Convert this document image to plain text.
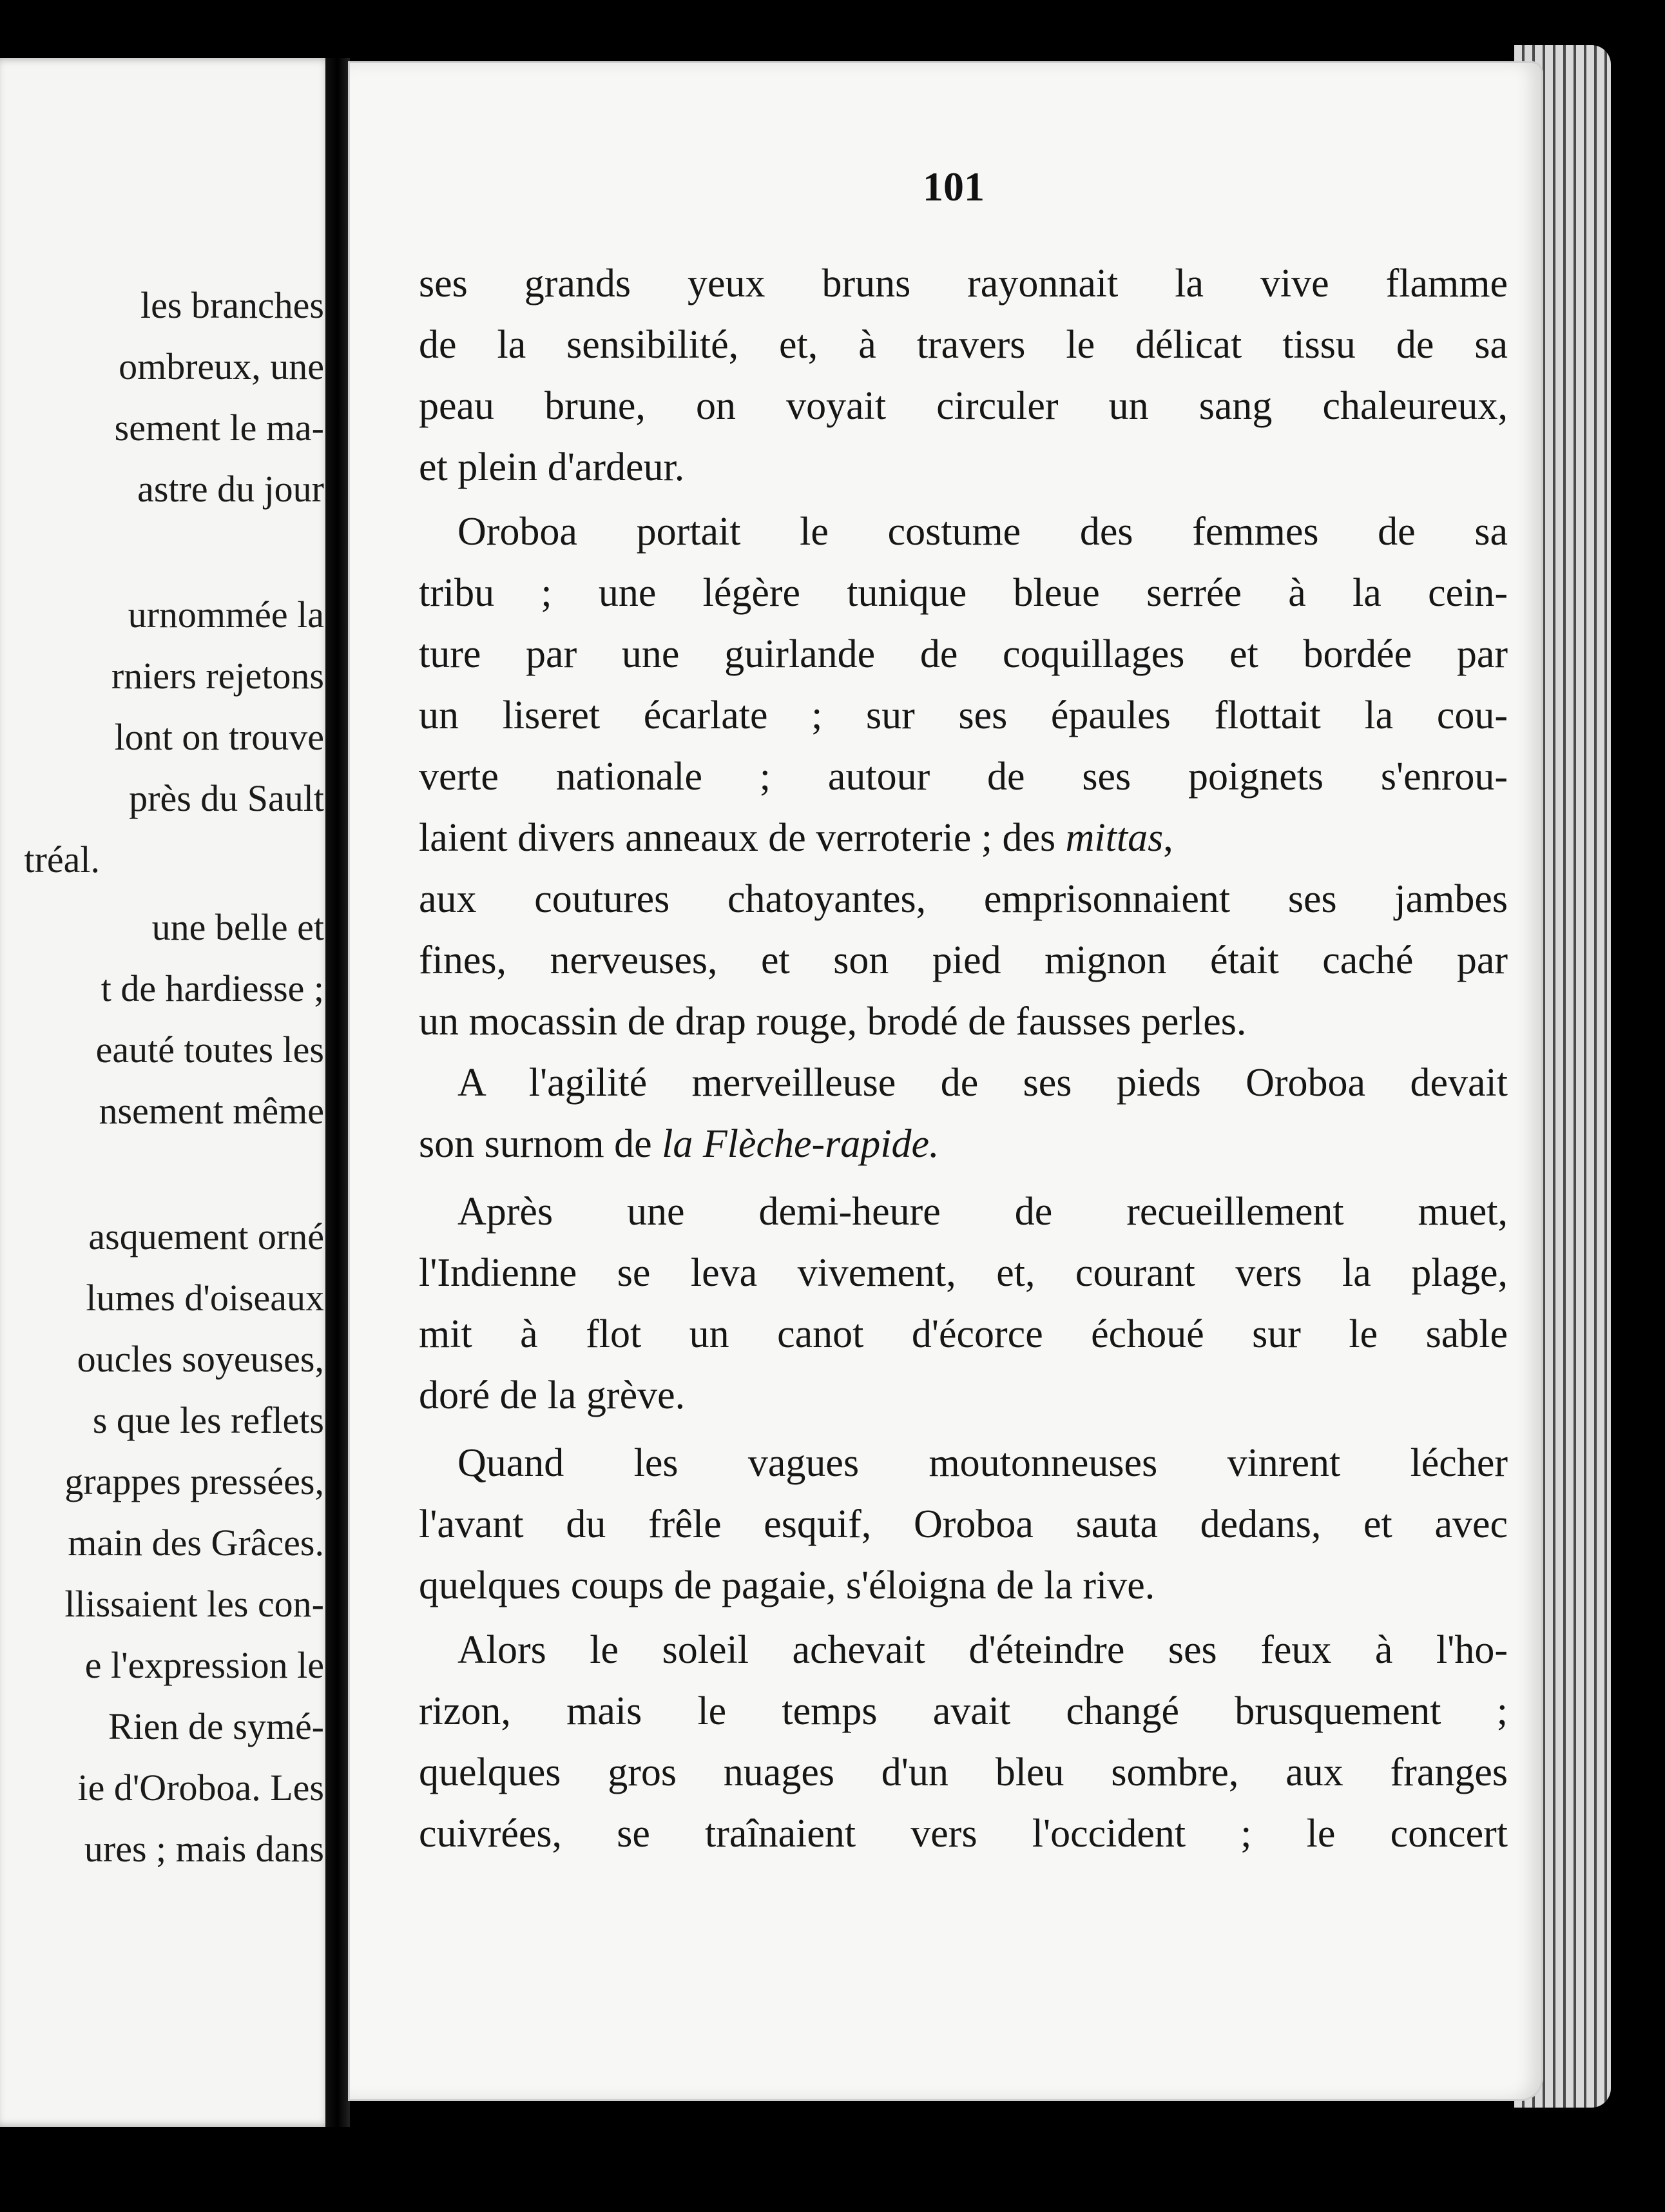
les branches
ombreux, une
sement le ma-
astre du jour
urnommée la
rniers rejetons
lont on trouve
près du Sault
tréal.
une belle et
t de hardiesse ;
eauté toutes les
nsement même
asquement orné
lumes d'oiseaux
oucles soyeuses,
s que les reflets
grappes pressées,
main des Grâces.
llissaient les con-
e l'expression le
Rien de symé-
ie d'Oroboa. Les
ures ; mais dans
101
ses grands yeux bruns rayonnait la vive flamme
de la sensibilité, et, à travers le délicat tissu de sa
peau brune, on voyait circuler un sang chaleureux,
et plein d'ardeur.
Oroboa portait le costume des femmes de sa
tribu ; une légère tunique bleue serrée à la cein-
ture par une guirlande de coquillages et bordée par
un liseret écarlate ; sur ses épaules flottait la cou-
verte nationale ; autour de ses poignets s'enrou-
laient divers anneaux de verroterie ; des mittas,
aux coutures chatoyantes, emprisonnaient ses jambes
fines, nerveuses, et son pied mignon était caché par
un mocassin de drap rouge, brodé de fausses perles.
A l'agilité merveilleuse de ses pieds Oroboa devait
son surnom de la Flèche-rapide.
Après une demi-heure de recueillement muet,
l'Indienne se leva vivement, et, courant vers la plage,
mit à flot un canot d'écorce échoué sur le sable
doré de la grève.
Quand les vagues moutonneuses vinrent lécher
l'avant du frêle esquif, Oroboa sauta dedans, et avec
quelques coups de pagaie, s'éloigna de la rive.
Alors le soleil achevait d'éteindre ses feux à l'ho-
rizon, mais le temps avait changé brusquement ;
quelques gros nuages d'un bleu sombre, aux franges
cuivrées, se traînaient vers l'occident ; le concert
